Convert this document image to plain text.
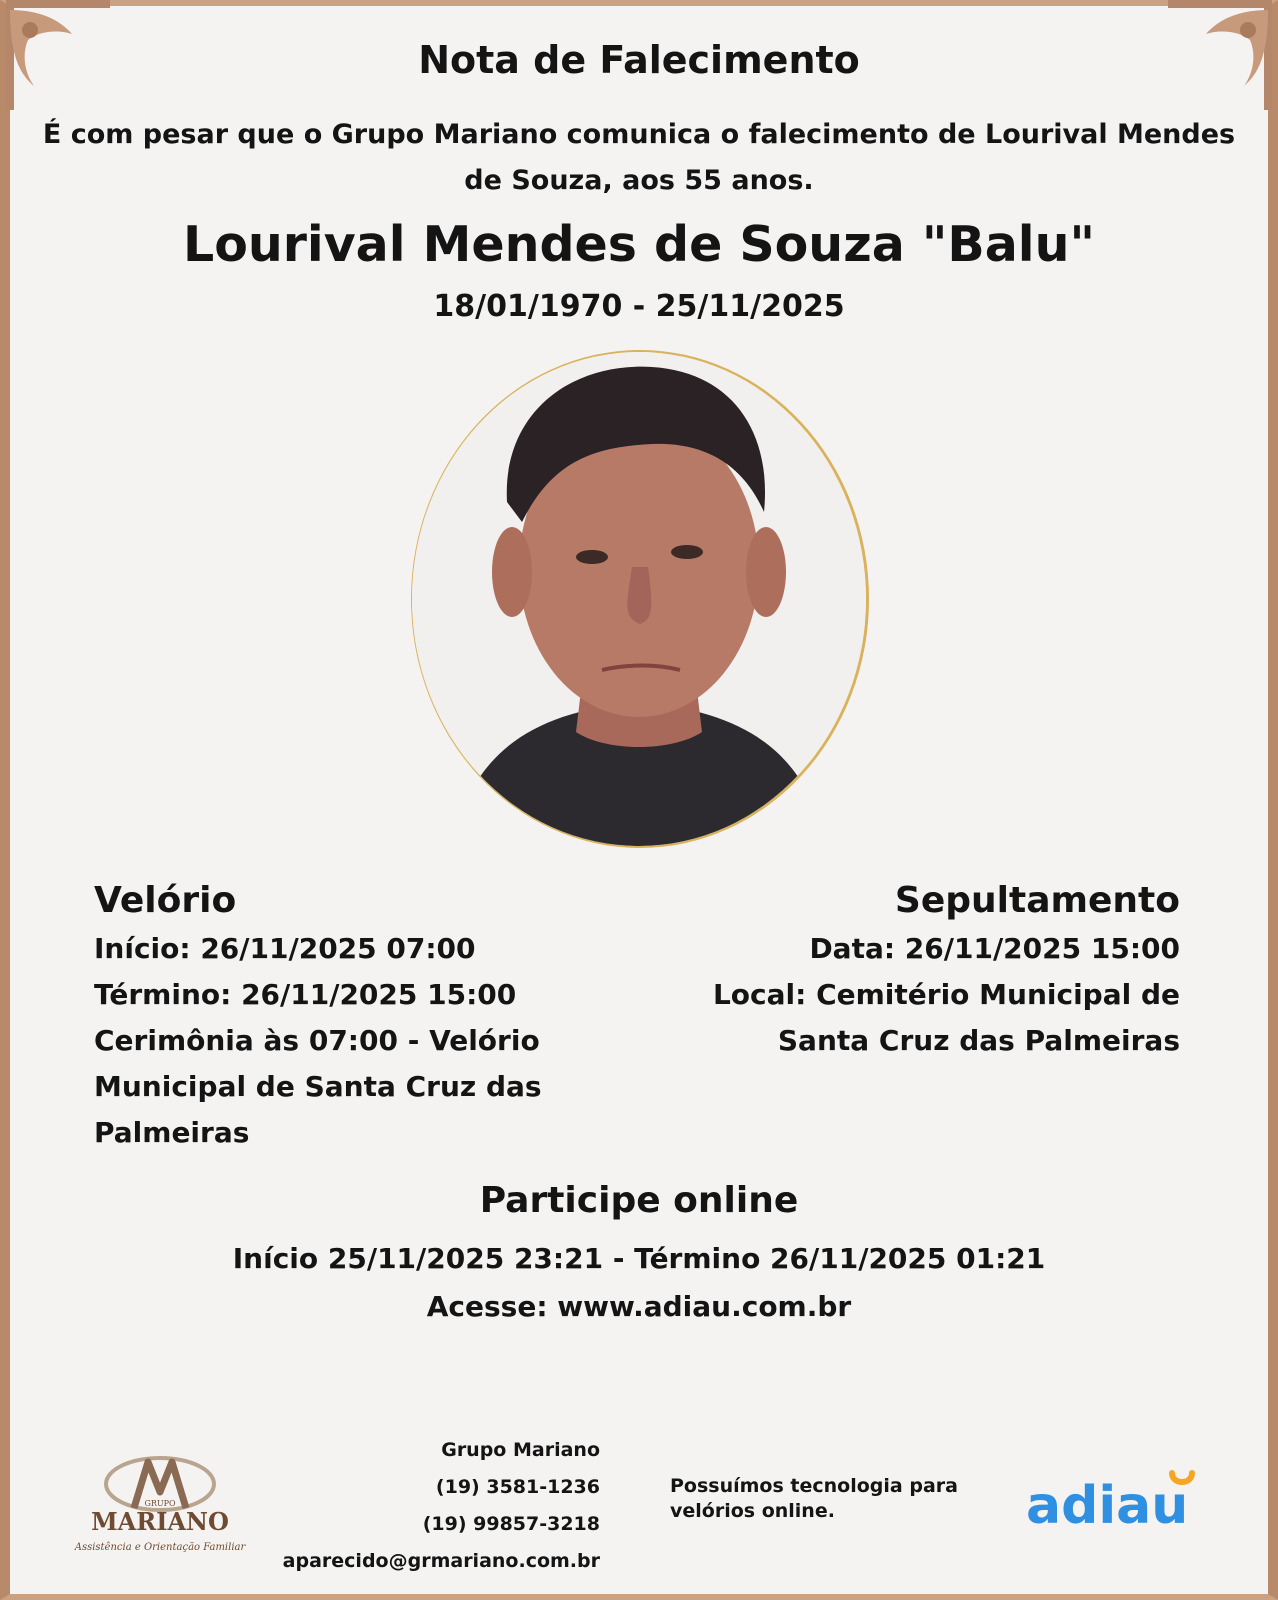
Nota de Falecimento
É com pesar que o Grupo Mariano comunica o falecimento de Lourival Mendes de Souza, aos 55 anos.
Lourival Mendes de Souza "Balu"
18/01/1970 - 25/11/2025
Velório

Início: 26/11/2025 07:00

Término: 26/11/2025 15:00

Cerimônia às 07:00 - Velório Municipal de Santa Cruz das Palmeiras

Sepultamento

Data: 26/11/2025 15:00

Local: Cemitério Municipal de Santa Cruz das Palmeiras

Participe online
Início 25/11/2025 23:21 - Término 26/11/2025 01:21
Acesse: www.adiau.com.br
GRUPO
MARIANO
Assistência e Orientação Familiar
Grupo Mariano
(19) 3581-1236
(19) 99857-3218
aparecido@grmariano.com.br
Possuímos tecnologia para velórios online.	adiau
